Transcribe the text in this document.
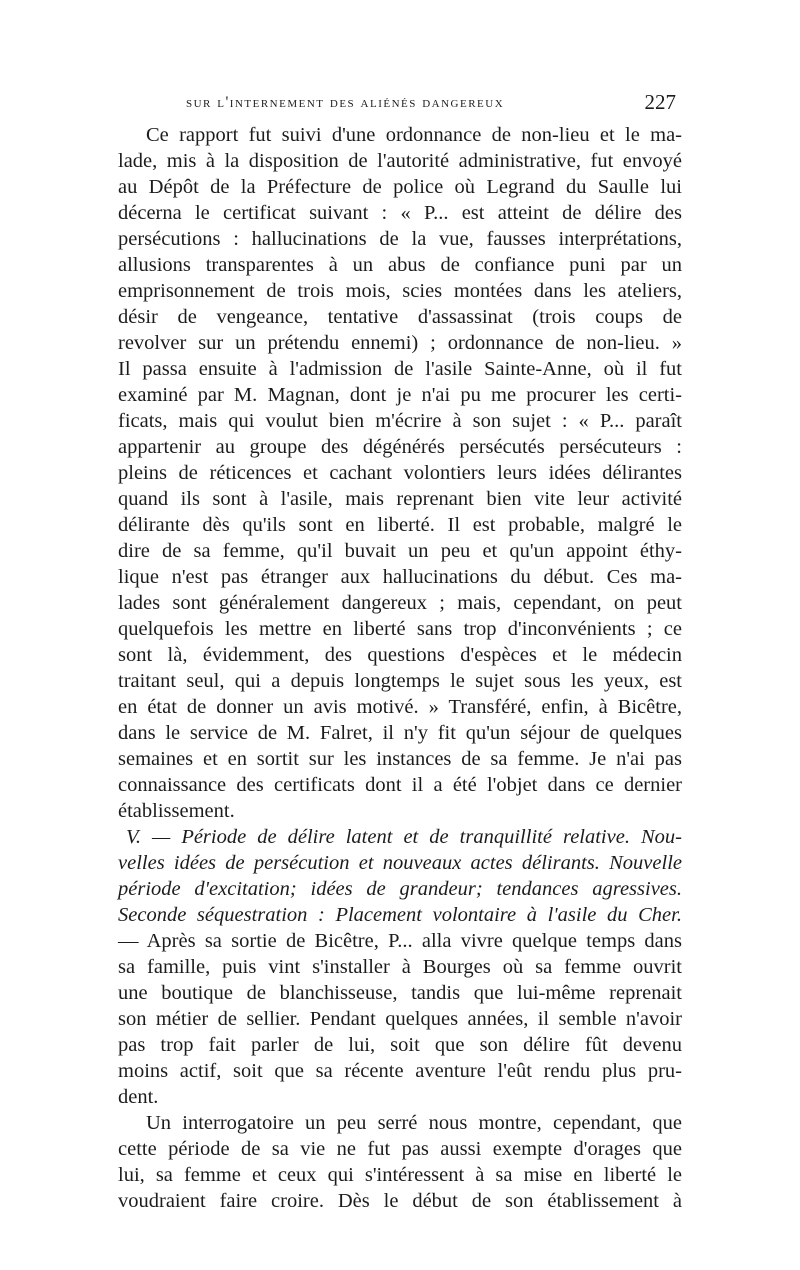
sur l'internement des aliénés dangereux	227
Ce rapport fut suivi d'une ordonnance de non-lieu et le ma-
lade, mis à la disposition de l'autorité administrative, fut envoyé
au Dépôt de la Préfecture de police où Legrand du Saulle lui
décerna le certificat suivant : « P... est atteint de délire des
persécutions : hallucinations de la vue, fausses interprétations,
allusions transparentes à un abus de confiance puni par un
emprisonnement de trois mois, scies montées dans les ateliers,
désir de vengeance, tentative d'assassinat (trois coups de
revolver sur un prétendu ennemi) ; ordonnance de non-lieu. »
Il passa ensuite à l'admission de l'asile Sainte-Anne, où il fut
examiné par M. Magnan, dont je n'ai pu me procurer les certi-
ficats, mais qui voulut bien m'écrire à son sujet : « P... paraît
appartenir au groupe des dégénérés persécutés persécuteurs :
pleins de réticences et cachant volontiers leurs idées délirantes
quand ils sont à l'asile, mais reprenant bien vite leur activité
délirante dès qu'ils sont en liberté. Il est probable, malgré le
dire de sa femme, qu'il buvait un peu et qu'un appoint éthy-
lique n'est pas étranger aux hallucinations du début. Ces ma-
lades sont généralement dangereux ; mais, cependant, on peut
quelquefois les mettre en liberté sans trop d'inconvénients ; ce
sont là, évidemment, des questions d'espèces et le médecin
traitant seul, qui a depuis longtemps le sujet sous les yeux, est
en état de donner un avis motivé. » Transféré, enfin, à Bicêtre,
dans le service de M. Falret, il n'y fit qu'un séjour de quelques
semaines et en sortit sur les instances de sa femme. Je n'ai pas
connaissance des certificats dont il a été l'objet dans ce dernier
établissement.
V. — Période de délire latent et de tranquillité relative. Nou-
velles idées de persécution et nouveaux actes délirants. Nouvelle
période d'excitation; idées de grandeur; tendances agressives.
Seconde séquestration : Placement volontaire à l'asile du Cher.
— Après sa sortie de Bicêtre, P... alla vivre quelque temps dans
sa famille, puis vint s'installer à Bourges où sa femme ouvrit
une boutique de blanchisseuse, tandis que lui-même reprenait
son métier de sellier. Pendant quelques années, il semble n'avoir
pas trop fait parler de lui, soit que son délire fût devenu
moins actif, soit que sa récente aventure l'eût rendu plus pru-
dent.
Un interrogatoire un peu serré nous montre, cependant, que
cette période de sa vie ne fut pas aussi exempte d'orages que
lui, sa femme et ceux qui s'intéressent à sa mise en liberté le
voudraient faire croire. Dès le début de son établissement à
